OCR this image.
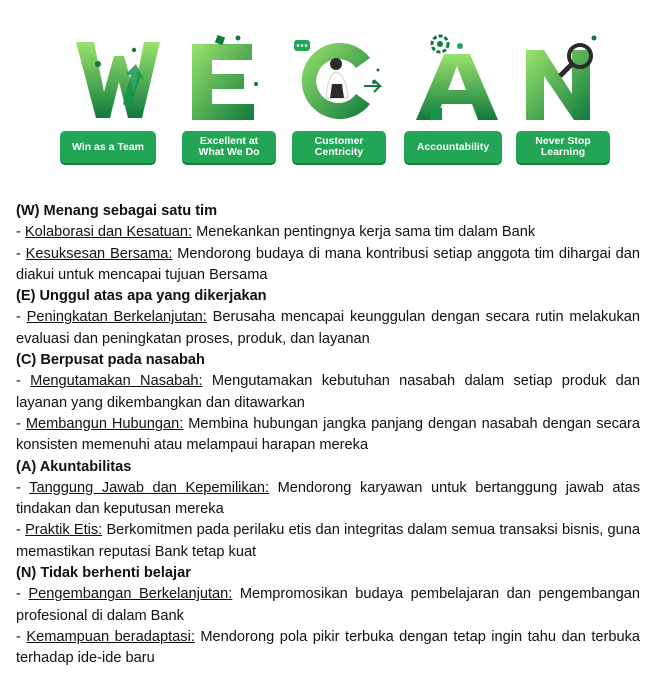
Win as a Team	Excellent at
What We Do
Customer
Centricity	Accountability	Never Stop
Learning
(W) Menang sebagai satu tim

- Kolaborasi dan Kesatuan: Menekankan pentingnya kerja sama tim dalam Bank

- Kesuksesan Bersama: Mendorong budaya di mana kontribusi setiap anggota tim dihargai dan diakui untuk mencapai tujuan Bersama

(E) Unggul atas apa yang dikerjakan

- Peningkatan Berkelanjutan: Berusaha mencapai keunggulan dengan secara rutin melakukan evaluasi dan peningkatan proses, produk, dan layanan

(C) Berpusat pada nasabah

- Mengutamakan Nasabah: Mengutamakan kebutuhan nasabah dalam setiap produk dan layanan yang dikembangkan dan ditawarkan

- Membangun Hubungan: Membina hubungan jangka panjang dengan nasabah dengan secara konsisten memenuhi atau melampaui harapan mereka

(A) Akuntabilitas

- Tanggung Jawab dan Kepemilikan: Mendorong karyawan untuk bertanggung jawab atas tindakan dan keputusan mereka

- Praktik Etis: Berkomitmen pada perilaku etis dan integritas dalam semua transaksi bisnis, guna memastikan reputasi Bank tetap kuat

(N) Tidak berhenti belajar

- Pengembangan Berkelanjutan: Mempromosikan budaya pembelajaran dan pengembangan profesional di dalam Bank

- Kemampuan beradaptasi: Mendorong pola pikir terbuka dengan tetap ingin tahu dan terbuka terhadap ide-ide baru
